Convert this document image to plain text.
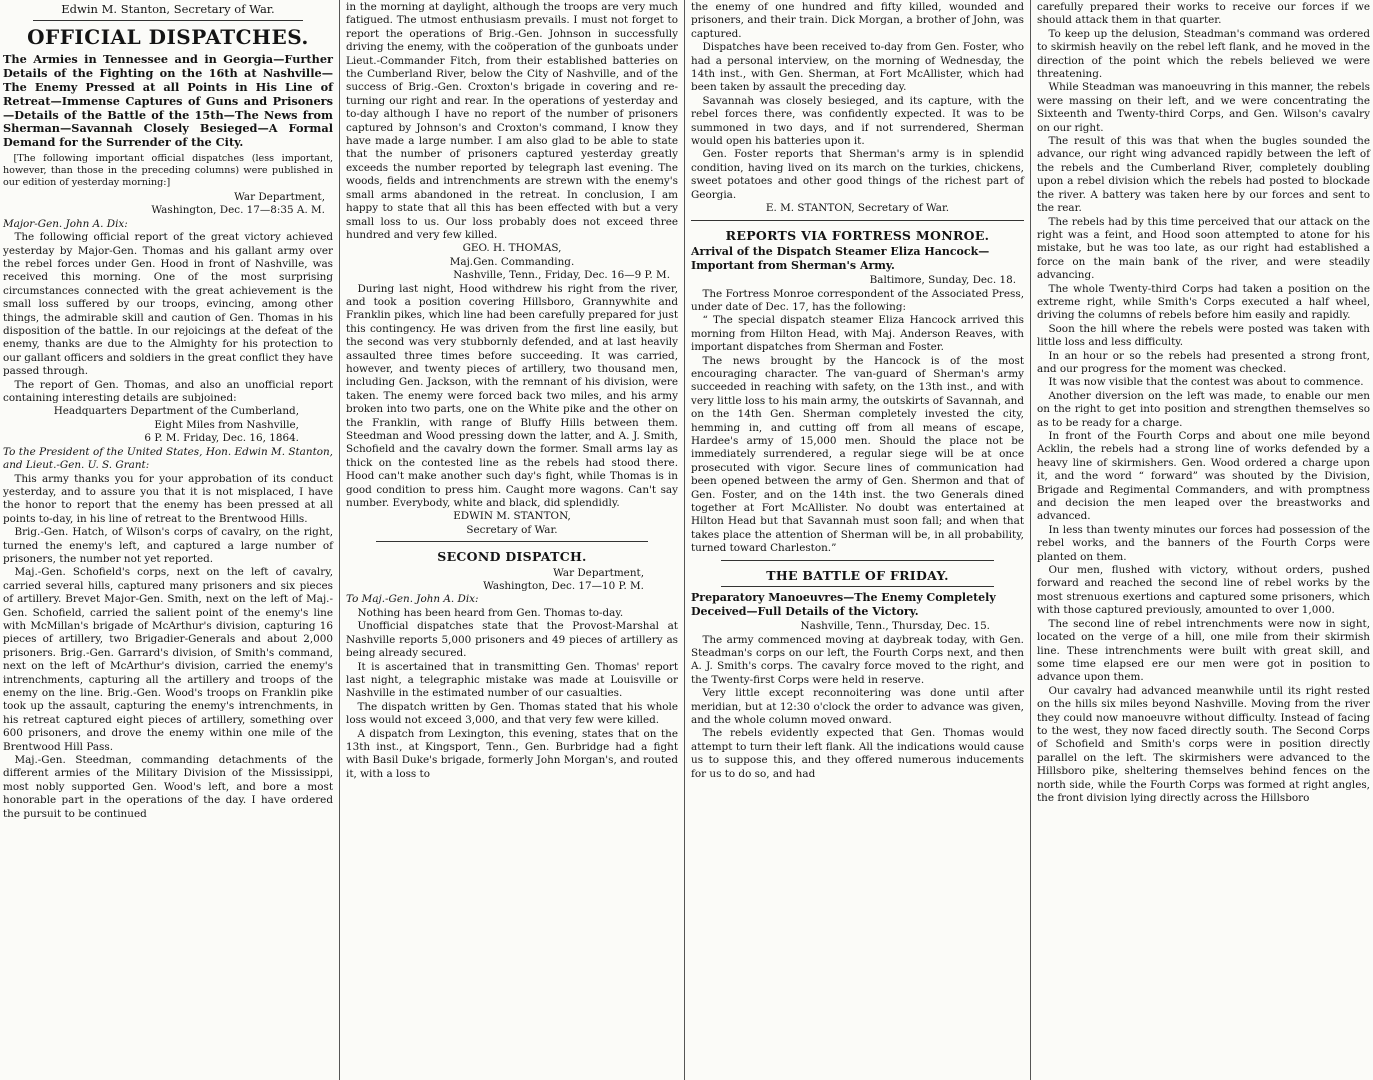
Edwin M. Stanton, Secretary of War.

OFFICIAL DISPATCHES.

The Armies in Tennessee and in Georgia—Further Details of the Fighting on the 16th at Nashville—The Enemy Pressed at all Points in His Line of Retreat—Immense Captures of Guns and Prisoners—Details of the Battle of the 15th—The News from Sherman—Savannah Closely Besieged—A Formal Demand for the Surrender of the City.

[The following important official dispatches (less important, however, than those in the preceding columns) were published in our edition of yesterday morning:]

War Department,

Washington, Dec. 17—8:35 A. M.

Major-Gen. John A. Dix:

The following official report of the great victory achieved yesterday by Major-Gen. Thomas and his gallant army over the rebel forces under Gen. Hood in front of Nashville, was received this morning. One of the most surprising circumstances connected with the great achievement is the small loss suffered by our troops, evincing, among other things, the admirable skill and caution of Gen. Thomas in his disposition of the battle. In our rejoicings at the defeat of the enemy, thanks are due to the Almighty for his protection to our gallant officers and soldiers in the great conflict they have passed through.

The report of Gen. Thomas, and also an unofficial report containing interesting details are subjoined:

Headquarters Department of the Cumberland,

Eight Miles from Nashville,

6 P. M. Friday, Dec. 16, 1864.

To the President of the United States, Hon. Edwin M. Stanton, and Lieut.-Gen. U. S. Grant:

This army thanks you for your approbation of its conduct yesterday, and to assure you that it is not misplaced, I have the honor to report that the enemy has been pressed at all points to-day, in his line of retreat to the Brentwood Hills.

Brig.-Gen. Hatch, of Wilson's corps of cavalry, on the right, turned the enemy's left, and captured a large number of prisoners, the number not yet reported.

Maj.-Gen. Schofield's corps, next on the left of cavalry, carried several hills, captured many prisoners and six pieces of artillery. Brevet Major-Gen. Smith, next on the left of Maj.-Gen. Schofield, carried the salient point of the enemy's line with McMillan's brigade of McArthur's division, capturing 16 pieces of artillery, two Brigadier-Generals and about 2,000 prisoners. Brig.-Gen. Garrard's division, of Smith's command, next on the left of McArthur's division, carried the enemy's intrenchments, capturing all the artillery and troops of the enemy on the line. Brig.-Gen. Wood's troops on Franklin pike took up the assault, capturing the enemy's intrenchments, in his retreat captured eight pieces of artillery, something over 600 prisoners, and drove the enemy within one mile of the Brentwood Hill Pass.

Maj.-Gen. Steedman, commanding detachments of the different armies of the Military Division of the Mississippi, most nobly supported Gen. Wood's left, and bore a most honorable part in the operations of the day. I have ordered the pursuit to be continued

in the morning at daylight, although the troops are very much fatigued. The utmost enthusiasm prevails. I must not forget to report the operations of Brig.-Gen. Johnson in successfully driving the enemy, with the coöperation of the gunboats under Lieut.-Commander Fitch, from their established batteries on the Cumberland River, below the City of Nashville, and of the success of Brig.-Gen. Croxton's brigade in covering and re-turning our right and rear. In the operations of yesterday and to-day although I have no report of the number of prisoners captured by Johnson's and Croxton's command, I know they have made a large number. I am also glad to be able to state that the number of prisoners captured yesterday greatly exceeds the number reported by telegraph last evening. The woods, fields and intrenchments are strewn with the enemy's small arms abandoned in the retreat. In conclusion, I am happy to state that all this has been effected with but a very small loss to us. Our loss probably does not exceed three hundred and very few killed.

GEO. H. THOMAS,

Maj.Gen. Commanding.

Nashville, Tenn., Friday, Dec. 16—9 P. M.

During last night, Hood withdrew his right from the river, and took a position covering Hillsboro, Grannywhite and Franklin pikes, which line had been carefully prepared for just this contingency. He was driven from the first line easily, but the second was very stubbornly defended, and at last heavily assaulted three times before succeeding. It was carried, however, and twenty pieces of artillery, two thousand men, including Gen. Jackson, with the remnant of his division, were taken. The enemy were forced back two miles, and his army broken into two parts, one on the White pike and the other on the Franklin, with range of Bluffy Hills between them. Steedman and Wood pressing down the latter, and A. J. Smith, Schofield and the cavalry down the former. Small arms lay as thick on the contested line as the rebels had stood there. Hood can't make another such day's fight, while Thomas is in good condition to press him. Caught more wagons. Can't say number. Everybody, white and black, did splendidly.

EDWIN M. STANTON,

Secretary of War.

SECOND DISPATCH.

War Department,

Washington, Dec. 17—10 P. M.

To Maj.-Gen. John A. Dix:

Nothing has been heard from Gen. Thomas to-day.

Unofficial dispatches state that the Provost-Marshal at Nashville reports 5,000 prisoners and 49 pieces of artillery as being already secured.

It is ascertained that in transmitting Gen. Thomas' report last night, a telegraphic mistake was made at Louisville or Nashville in the estimated number of our casualties.

The dispatch written by Gen. Thomas stated that his whole loss would not exceed 3,000, and that very few were killed.

A dispatch from Lexington, this evening, states that on the 13th inst., at Kingsport, Tenn., Gen. Burbridge had a fight with Basil Duke's brigade, formerly John Morgan's, and routed it, with a loss to

the enemy of one hundred and fifty killed, wounded and prisoners, and their train. Dick Morgan, a brother of John, was captured.

Dispatches have been received to-day from Gen. Foster, who had a personal interview, on the morning of Wednesday, the 14th inst., with Gen. Sherman, at Fort McAllister, which had been taken by assault the preceding day.

Savannah was closely besieged, and its capture, with the rebel forces there, was confidently expected. It was to be summoned in two days, and if not surrendered, Sherman would open his batteries upon it.

Gen. Foster reports that Sherman's army is in splendid condition, having lived on its march on the turkies, chickens, sweet potatoes and other good things of the richest part of Georgia.

E. M. STANTON, Secretary of War.

REPORTS VIA FORTRESS MONROE.

Arrival of the Dispatch Steamer Eliza Hancock—Important from Sherman's Army.

Baltimore, Sunday, Dec. 18.

The Fortress Monroe correspondent of the Associated Press, under date of Dec. 17, has the following:

“ The special dispatch steamer Eliza Hancock arrived this morning from Hilton Head, with Maj. Anderson Reaves, with important dispatches from Sherman and Foster.

The news brought by the Hancock is of the most encouraging character. The van-guard of Sherman's army succeeded in reaching with safety, on the 13th inst., and with very little loss to his main army, the outskirts of Savannah, and on the 14th Gen. Sherman completely invested the city, hemming in, and cutting off from all means of escape, Hardee's army of 15,000 men. Should the place not be immediately surrendered, a regular siege will be at once prosecuted with vigor. Secure lines of communication had been opened between the army of Gen. Shermon and that of Gen. Foster, and on the 14th inst. the two Generals dined together at Fort McAllister. No doubt was entertained at Hilton Head but that Savannah must soon fall; and when that takes place the attention of Sherman will be, in all probability, turned toward Charleston.”

THE BATTLE OF FRIDAY.

Preparatory Manoeuvres—The Enemy Completely Deceived—Full Details of the Victory.

Nashville, Tenn., Thursday, Dec. 15.

The army commenced moving at daybreak today, with Gen. Steadman's corps on our left, the Fourth Corps next, and then A. J. Smith's corps. The cavalry force moved to the right, and the Twenty-first Corps were held in reserve.

Very little except reconnoitering was done until after meridian, but at 12:30 o'clock the order to advance was given, and the whole column moved onward.

The rebels evidently expected that Gen. Thomas would attempt to turn their left flank. All the indications would cause us to suppose this, and they offered numerous inducements for us to do so, and had

carefully prepared their works to receive our forces if we should attack them in that quarter.

To keep up the delusion, Steadman's command was ordered to skirmish heavily on the rebel left flank, and he moved in the direction of the point which the rebels believed we were threatening.

While Steadman was manoeuvring in this manner, the rebels were massing on their left, and we were concentrating the Sixteenth and Twenty-third Corps, and Gen. Wilson's cavalry on our right.

The result of this was that when the bugles sounded the advance, our right wing advanced rapidly between the left of the rebels and the Cumberland River, completely doubling upon a rebel division which the rebels had posted to blockade the river. A battery was taken here by our forces and sent to the rear.

The rebels had by this time perceived that our attack on the right was a feint, and Hood soon attempted to atone for his mistake, but he was too late, as our right had established a force on the main bank of the river, and were steadily advancing.

The whole Twenty-third Corps had taken a position on the extreme right, while Smith's Corps executed a half wheel, driving the columns of rebels before him easily and rapidly.

Soon the hill where the rebels were posted was taken with little loss and less difficulty.

In an hour or so the rebels had presented a strong front, and our progress for the moment was checked.

It was now visible that the contest was about to commence.

Another diversion on the left was made, to enable our men on the right to get into position and strengthen themselves so as to be ready for a charge.

In front of the Fourth Corps and about one mile beyond Acklin, the rebels had a strong line of works defended by a heavy line of skirmishers. Gen. Wood ordered a charge upon it, and the word “ forward” was shouted by the Division, Brigade and Regimental Commanders, and with promptness and decision the men leaped over the breastworks and advanced.

In less than twenty minutes our forces had possession of the rebel works, and the banners of the Fourth Corps were planted on them.

Our men, flushed with victory, without orders, pushed forward and reached the second line of rebel works by the most strenuous exertions and captured some prisoners, which with those captured previously, amounted to over 1,000.

The second line of rebel intrenchments were now in sight, located on the verge of a hill, one mile from their skirmish line. These intrenchments were built with great skill, and some time elapsed ere our men were got in position to advance upon them.

Our cavalry had advanced meanwhile until its right rested on the hills six miles beyond Nashville. Moving from the river they could now manoeuvre without difficulty. Instead of facing to the west, they now faced directly south. The Second Corps of Schofield and Smith's corps were in position directly parallel on the left. The skirmishers were advanced to the Hillsboro pike, sheltering themselves behind fences on the north side, while the Fourth Corps was formed at right angles, the front division lying directly across the Hillsboro
